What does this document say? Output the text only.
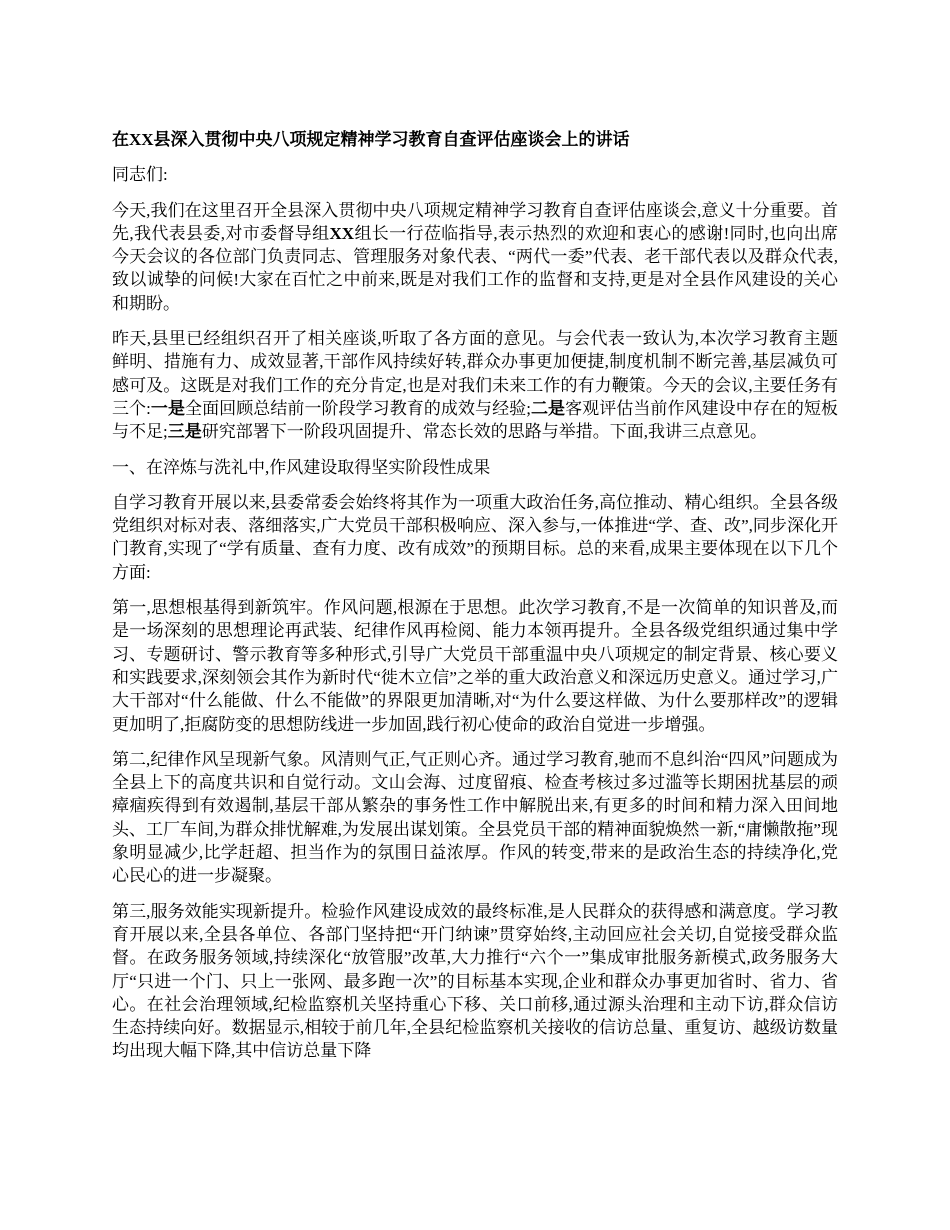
在XX县深入贯彻中央八项规定精神学习教育自查评估座谈会上的讲话

同志们:

今天,我们在这里召开全县深入贯彻中央八项规定精神学习教育自查评估座谈会,意义十分重要。首先,我代表县委,对市委督导组XX组长一行莅临指导,表示热烈的欢迎和衷心的感谢!同时,也向出席今天会议的各位部门负责同志、管理服务对象代表、“两代一委”代表、老干部代表以及群众代表,致以诚挚的问候!大家在百忙之中前来,既是对我们工作的监督和支持,更是对全县作风建设的关心和期盼。

昨天,县里已经组织召开了相关座谈,听取了各方面的意见。与会代表一致认为,本次学习教育主题鲜明、措施有力、成效显著,干部作风持续好转,群众办事更加便捷,制度机制不断完善,基层减负可感可及。这既是对我们工作的充分肯定,也是对我们未来工作的有力鞭策。今天的会议,主要任务有三个:一是全面回顾总结前一阶段学习教育的成效与经验;二是客观评估当前作风建设中存在的短板与不足;三是研究部署下一阶段巩固提升、常态长效的思路与举措。下面,我讲三点意见。

一、在淬炼与洗礼中,作风建设取得坚实阶段性成果

自学习教育开展以来,县委常委会始终将其作为一项重大政治任务,高位推动、精心组织。全县各级党组织对标对表、落细落实,广大党员干部积极响应、深入参与,一体推进“学、查、改”,同步深化开门教育,实现了“学有质量、查有力度、改有成效”的预期目标。总的来看,成果主要体现在以下几个方面:

第一,思想根基得到新筑牢。作风问题,根源在于思想。此次学习教育,不是一次简单的知识普及,而是一场深刻的思想理论再武装、纪律作风再检阅、能力本领再提升。全县各级党组织通过集中学习、专题研讨、警示教育等多种形式,引导广大党员干部重温中央八项规定的制定背景、核心要义和实践要求,深刻领会其作为新时代“徙木立信”之举的重大政治意义和深远历史意义。通过学习,广大干部对“什么能做、什么不能做”的界限更加清晰,对“为什么要这样做、为什么要那样改”的逻辑更加明了,拒腐防变的思想防线进一步加固,践行初心使命的政治自觉进一步增强。

第二,纪律作风呈现新气象。风清则气正,气正则心齐。通过学习教育,驰而不息纠治“四风”问题成为全县上下的高度共识和自觉行动。文山会海、过度留痕、检查考核过多过滥等长期困扰基层的顽瘴痼疾得到有效遏制,基层干部从繁杂的事务性工作中解脱出来,有更多的时间和精力深入田间地头、工厂车间,为群众排忧解难,为发展出谋划策。全县党员干部的精神面貌焕然一新,“庸懒散拖”现象明显减少,比学赶超、担当作为的氛围日益浓厚。作风的转变,带来的是政治生态的持续净化,党心民心的进一步凝聚。

第三,服务效能实现新提升。检验作风建设成效的最终标准,是人民群众的获得感和满意度。学习教育开展以来,全县各单位、各部门坚持把“开门纳谏”贯穿始终,主动回应社会关切,自觉接受群众监督。在政务服务领域,持续深化“放管服”改革,大力推行“六个一”集成审批服务新模式,政务服务大厅“只进一个门、只上一张网、最多跑一次”的目标基本实现,企业和群众办事更加省时、省力、省心。在社会治理领域,纪检监察机关坚持重心下移、关口前移,通过源头治理和主动下访,群众信访生态持续向好。数据显示,相较于前几年,全县纪检监察机关接收的信访总量、重复访、越级访数量均出现大幅下降,其中信访总量下降
